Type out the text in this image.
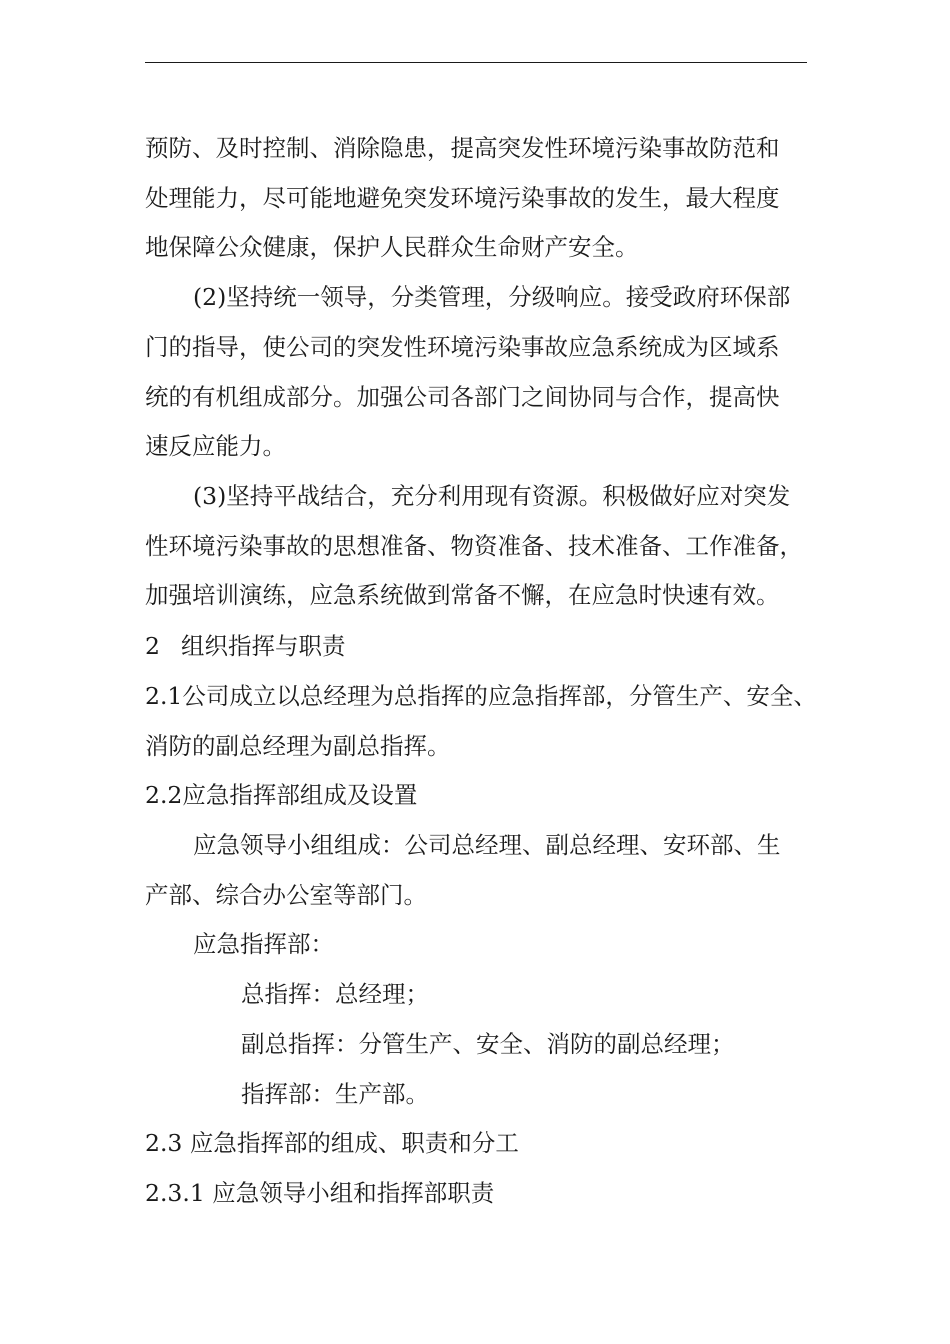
预防、及时控制、消除隐患，提高突发性环境污染事故防范和
处理能力，尽可能地避免突发环境污染事故的发生，最大程度
地保障公众健康，保护人民群众生命财产安全。
(2)坚持统一领导，分类管理，分级响应。接受政府环保部
门的指导，使公司的突发性环境污染事故应急系统成为区域系
统的有机组成部分。加强公司各部门之间协同与合作，提高快
速反应能力。
(3)坚持平战结合，充分利用现有资源。积极做好应对突发
性环境污染事故的思想准备、物资准备、技术准备、工作准备，
加强培训演练，应急系统做到常备不懈，在应急时快速有效。
2 组织指挥与职责
2.1公司成立以总经理为总指挥的应急指挥部，分管生产、安全、
消防的副总经理为副总指挥。
2.2应急指挥部组成及设置
应急领导小组组成：公司总经理、副总经理、安环部、生
产部、综合办公室等部门。
应急指挥部：
总指挥：总经理；
副总指挥：分管生产、安全、消防的副总经理；
指挥部：生产部。
2.3 应急指挥部的组成、职责和分工
2.3.1 应急领导小组和指挥部职责
